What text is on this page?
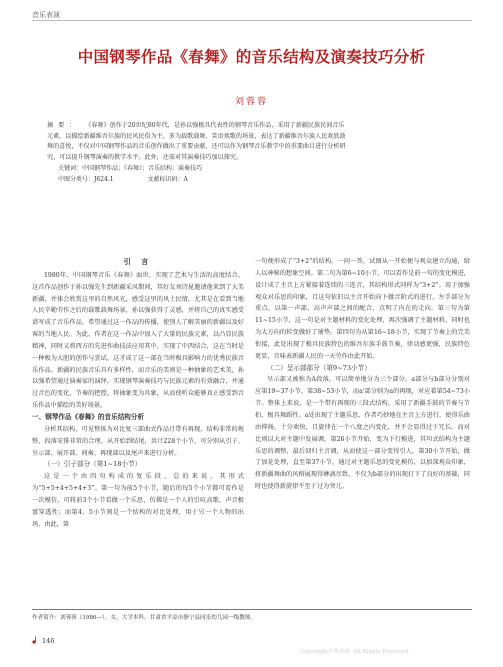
音乐表演
中国钢琴作品《春舞》的音乐结构及演奏技巧分析
刘蓉蓉
摘要： 《春舞》创作于20世纪80年代，是孙以强极具代表性的钢琴音乐作品，采用了新疆民族民间音乐
元素，以描绘新疆维吾尔族的民风民俗为主，多为载歌载舞、笑语欢歌的场景，表达了新疆维吾尔族人民欢欣鼓
舞的喜悦，不仅对中国钢琴作品的音乐创作做出了重要贡献，还可以作为钢琴音乐教学中的重要曲目进行分析研
究，可以提升钢琴演奏的教学水平。此外，还需对其演奏技巧加以探究。
关键词：中国钢琴作品；《春舞》；音乐结构；演奏技巧
中图分类号：J624.1	文献标识码：A
引 言

1980年，中国钢琴音乐《春舞》面世，实现了艺术与生活的高度结合。这首作品创作于孙以强先生到新疆采风期间，其好友刘诗昆邀请他来到了大美新疆，并体会欣赏这里的自然风光，感受这里的风土民情，尤其是在看到当地人民辛勤劳作之后的载歌载舞场景，孙以强获得了灵感，并将自己的真实感受谱写成了音乐作品，希望通过这一作品的传播，使别人了解美丽的新疆以及好客的当地人民。为此，作者在这一作品中加入了大量的民族元素，以凸显民族精神，同时又将西方的先进作曲技法应用其中，实现了中西结合，这在当时是一种极为大胆的创作与尝试，这才成了这一部在当时极具影响力的优秀民族音乐作品。新疆的民族音乐具有多样性，而音乐的美则是一种抽象的艺术美，孙以强希望通过演奏家的演绎，实现钢琴演奏技巧与民族元素的有效融合，并通过音色的变化、节奏的把控，将抽象变为具象，从而使听众能够真正感受到音乐作品中描绘的美好场景。

一、钢琴作品《春舞》的音乐结构分析

分析其结构，可见整体为对比复三部曲式作品且带有再现，结构非常的规整，段落安排非常的合理，从开始到结尾，共计228个小节，可分别从引子、呈示部、展开部、间奏、再现部以及尾声来进行分析。

（一）引子部分（第1~18小节）

这是一个由四句构成的复乐段，总的来说，其形式为“5+5+4+5+4+3”。第一句为前5个小节，随后的每5个小节都可看作是一次模仿，可将前3个小节看做一个乐思，仿佛是一个人的引吭高歌，声音极富穿透性；而第4、5小节则是一个结构的对比处理，用于另一个人物的出场，由此，第

一句便形成了“3+2”的结构。一问一答，试图从一开始便与观众建立沟通，给人以神秘的想象空间。第二句为第6~10小节，可以看作是前一句的变化模进，设计成了主音上方紧接着连续的三连音，其结构形式同样为“3+2”。用于加强观众对乐思的印象，且这句依旧以主音开始向下做音阶式的进行，左手部分为重点，以第一声部、高声声部之间的配合，点明了内在的走向。第三句为第11~15小节，这一句是对主题材料的变化处理，再次强调了主题材料，同时也为大方向的转变做好了铺垫。第四句为从第16~18小节，实现了节奏上的完美衔接，此处出现了极具民族特色的维吾尔族手鼓节奏，律动感更强，民族特色更显，音味表新疆人民的一天劳作由此开始。

（二）呈示部部分（第9~73小节）

呈示部又被称为A段落，可以简单地分为三个部分。a部分与b部分分别对应第19~37小节、第38~53小节，而a'部分则为a的再现，对应着第54~73小节。整体上来说，是一个带有再现的三段式结构，采用了新疆手鼓的节奏与节拍，极具舞蹈性。a处出现了主题乐思，作者巧妙地在主音上方进行，使得乐曲由抑扬，十分欢快，且旋律在一个八度之内变化，并不会显得过于冗长。而对比则以大对主题中发展调，第26小节开始，变为下行模进，其句式结构为主题乐思的调整，最后回归主音调，从而使这一部分变得引人，第30小节开始，做了加花处理，直至第37小节，通过对主题乐思的变化模仿，以加深观众印象，将新疆舞曲的风格展现得淋漓尽致，不仅为b部分的出现打下了良好的基础，同时也使得新旋律不至于过为突兀。

作者简介：刘蓉蓉（1986—），女，大学本科，甘肃省平凉市静宁县同乐幼儿园一级教师。
146
Copyright©博看网. All Rights Reserved.
